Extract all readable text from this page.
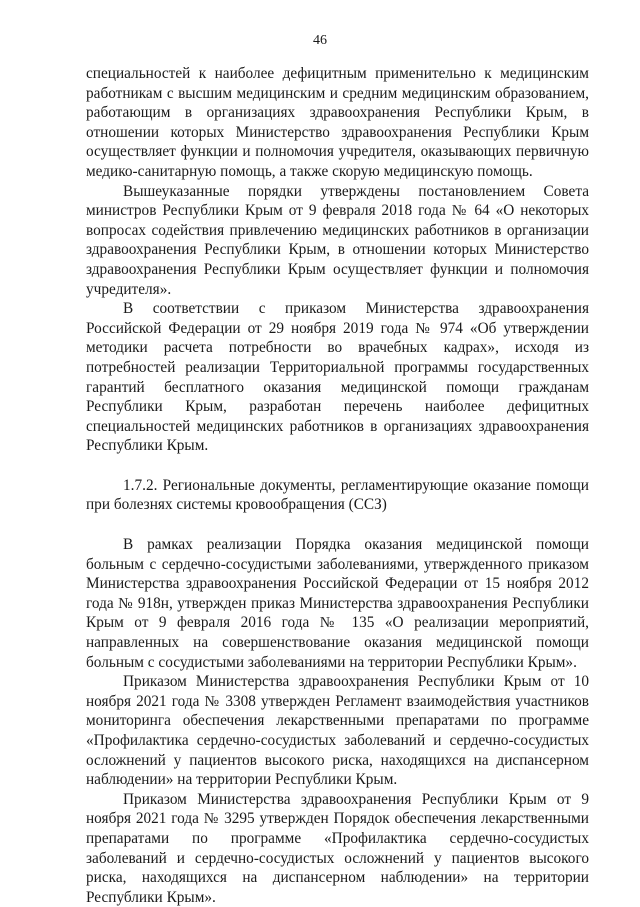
46

специальностей к наиболее дефицитным применительно к медицинским работникам с высшим медицинским и средним медицинским образованием, работающим в организациях здравоохранения Республики Крым, в отношении которых Министерство здравоохранения Республики Крым осуществляет функции и полномочия учредителя, оказывающих первичную медико-санитарную помощь, а также скорую медицинскую помощь.

Вышеуказанные порядки утверждены постановлением Совета министров Республики Крым от 9 февраля 2018 года № 64 «О некоторых вопросах содействия привлечению медицинских работников в организации здравоохранения Республики Крым, в отношении которых Министерство здравоохранения Республики Крым осуществляет функции и полномочия учредителя».

В соответствии с приказом Министерства здравоохранения Российской Федерации от 29 ноября 2019 года № 974 «Об утверждении методики расчета потребности во врачебных кадрах», исходя из потребностей реализации Территориальной программы государственных гарантий бесплатного оказания медицинской помощи гражданам Республики Крым, разработан перечень наиболее дефицитных специальностей медицинских работников в организациях здравоохранения Республики Крым.

1.7.2. Региональные документы, регламентирующие оказание помощи при болезнях системы кровообращения (ССЗ)

В рамках реализации Порядка оказания медицинской помощи больным с сердечно-сосудистыми заболеваниями, утвержденного приказом Министерства здравоохранения Российской Федерации от 15 ноября 2012 года № 918н, утвержден приказ Министерства здравоохранения Республики Крым от 9 февраля 2016 года № 135 «О реализации мероприятий, направленных на совершенствование оказания медицинской помощи больным с сосудистыми заболеваниями на территории Республики Крым».

Приказом Министерства здравоохранения Республики Крым от 10 ноября 2021 года № 3308 утвержден Регламент взаимодействия участников мониторинга обеспечения лекарственными препаратами по программе «Профилактика сердечно-сосудистых заболеваний и сердечно-сосудистых осложнений у пациентов высокого риска, находящихся на диспансерном наблюдении» на территории Республики Крым.

Приказом Министерства здравоохранения Республики Крым от 9 ноября 2021 года № 3295 утвержден Порядок обеспечения лекарственными препаратами по программе «Профилактика сердечно-сосудистых заболеваний и сердечно-сосудистых осложнений у пациентов высокого риска, находящихся на диспансерном наблюдении» на территории Республики Крым».
